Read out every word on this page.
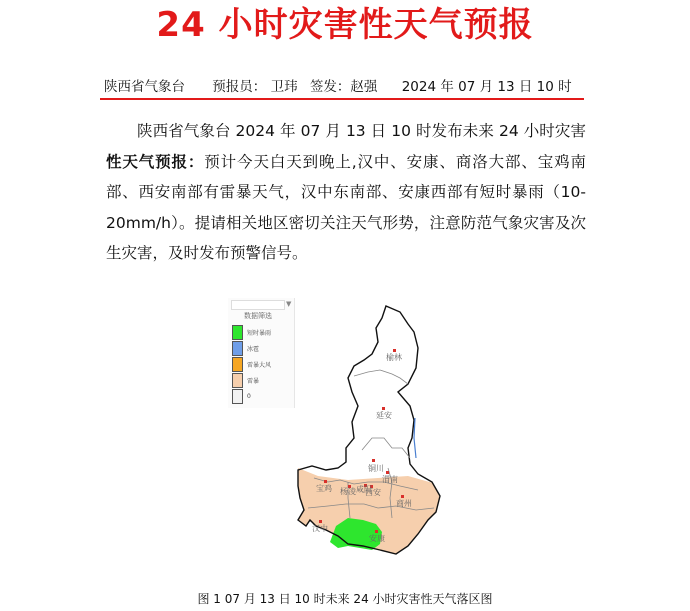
24 小时灾害性天气预报
陕西省气象台 预报员： 卫玮 签发：赵强 2024 年 07 月 13 日 10 时

陕西省气象台 2024 年 07 月 13 日 10 时发布未来 24 小时灾害性天气预报：预计今天白天到晚上,汉中、安康、商洛大部、宝鸡南部、西安南部有雷暴天气，汉中东南部、安康西部有短时暴雨（10-20mm/h）。提请相关地区密切关注天气形势，注意防范气象灾害及次生灾害，及时发布预警信号。

▼
数据筛选
短时暴雨
冰雹
雷暴大风
雷暴
0
榆林
延安
铜川
宝鸡 杨凌 咸阳
西安
渭南
商州
汉中
安康
图 1 07 月 13 日 10 时未来 24 小时灾害性天气落区图
